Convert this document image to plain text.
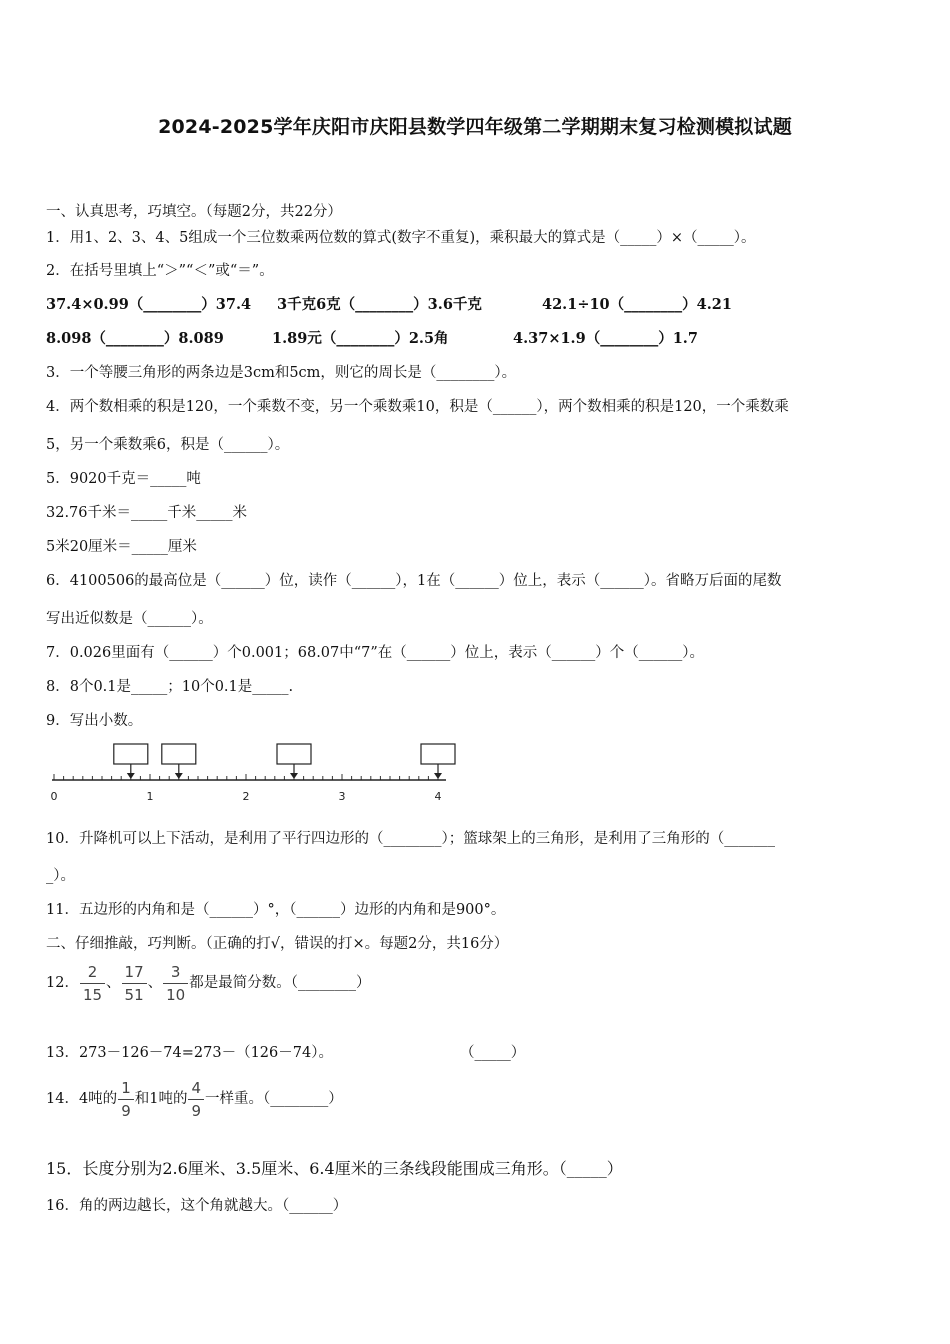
2024-2025学年庆阳市庆阳县数学四年级第二学期期末复习检测模拟试题
一、认真思考，巧填空。（每题2分，共22分）
1．用1、2、3、4、5组成一个三位数乘两位数的算式(数字不重复)，乘积最大的算式是（_____）×（_____）。
2．在括号里填上“＞”“＜”或“＝”。
37.4×0.99（________）37.4 3千克6克（________）3.6千克	42.1÷10（________）4.21
8.098（________）8.089	1.89元（________）2.5角	4.37×1.9（________）1.7
3．一个等腰三角形的两条边是3cm和5cm，则它的周长是（________）。
4．两个数相乘的积是120，一个乘数不变，另一个乘数乘10，积是（______），两个数相乘的积是120，一个乘数乘
5，另一个乘数乘6，积是（______）。
5．9020千克＝_____吨
32.76千米＝_____千米_____米
5米20厘米＝_____厘米
6．4100506的最高位是（______）位，读作（______），1在（______）位上，表示（______）。省略万后面的尾数
写出近似数是（______）。
7．0.026里面有（______）个0.001；68.07中“7”在（______）位上，表示（______）个（______）。
8．8个0.1是_____；10个0.1是_____.
9．写出小数。
0	1	2	3	4
10．升降机可以上下活动，是利用了平行四边形的（________）；篮球架上的三角形，是利用了三角形的（_______
_）。
11．五边形的内角和是（______）°，（______）边形的内角和是900°。
二、仔细推敲，巧判断。（正确的打√，错误的打×。每题2分，共16分）
12． $\frac{2}{15}$ 、 $\frac{17}{51}$ 、 $\frac{3}{10}$ 都是最简分数。（________）
13．273－126－74=273－（126－74）。	（_____）
14．4吨的 $\frac{1}{9}$ 和1吨的 $\frac{4}{9}$ 一样重。（________）
15．长度分别为2.6厘米、3.5厘米、6.4厘米的三条线段能围成三角形。（_____）
16．角的两边越长，这个角就越大。（______）
